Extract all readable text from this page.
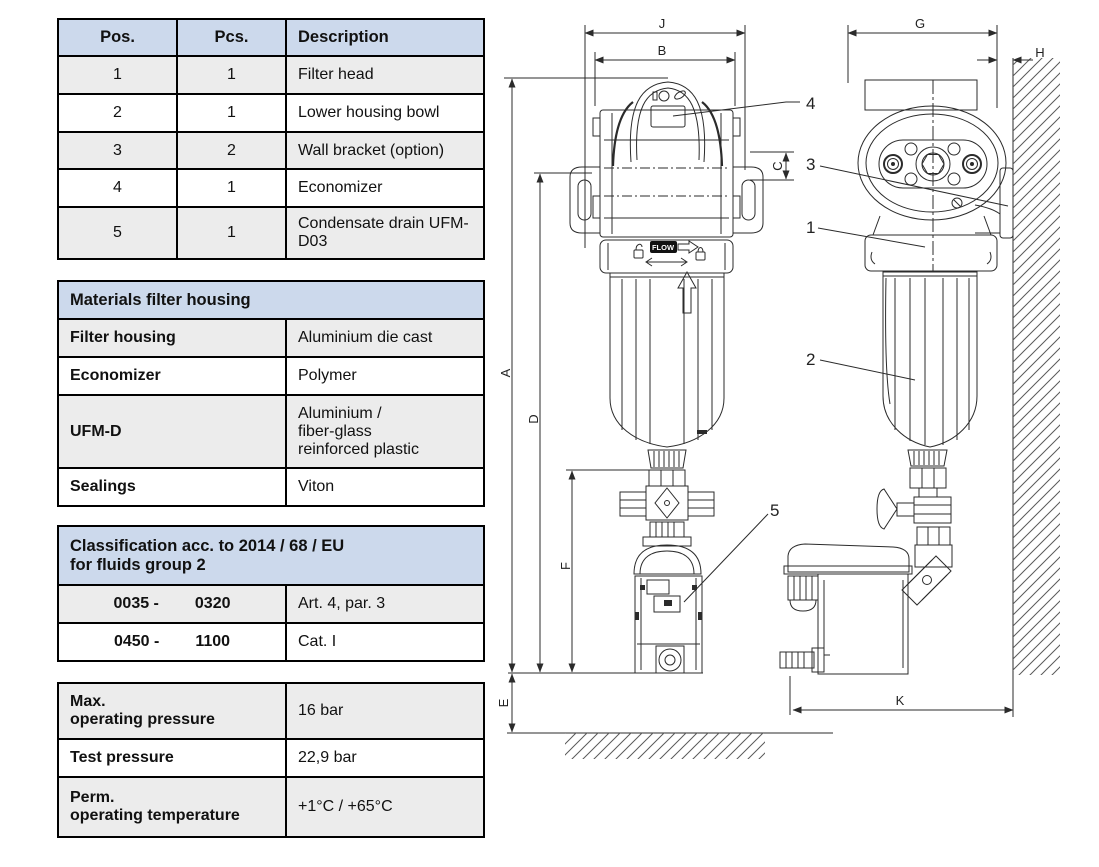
Pos.	Pcs.	Description
1	1	Filter head
2	1	Lower housing bowl
3	2	Wall bracket (option)
4	1	Economizer
5	1	Condensate drain UFM-D03
Materials filter housing	
Filter housing	Aluminium die cast
Economizer	Polymer
UFM-D	Aluminium /
fiber-glass
reinforced plastic

Sealings	Viton
Classification acc. to 2014 / 68 / EU
for fluids group 2	

0035 - 0320	Art. 4, par. 3

0450 - 1100	Cat. I
Max.
operating pressure	16 bar
Test pressure	22,9 bar

Perm.
operating temperature	+1°C / +65°C
J
B
G
H
A
D
F
E
C
K
4
3
1
2
5
FLOW
